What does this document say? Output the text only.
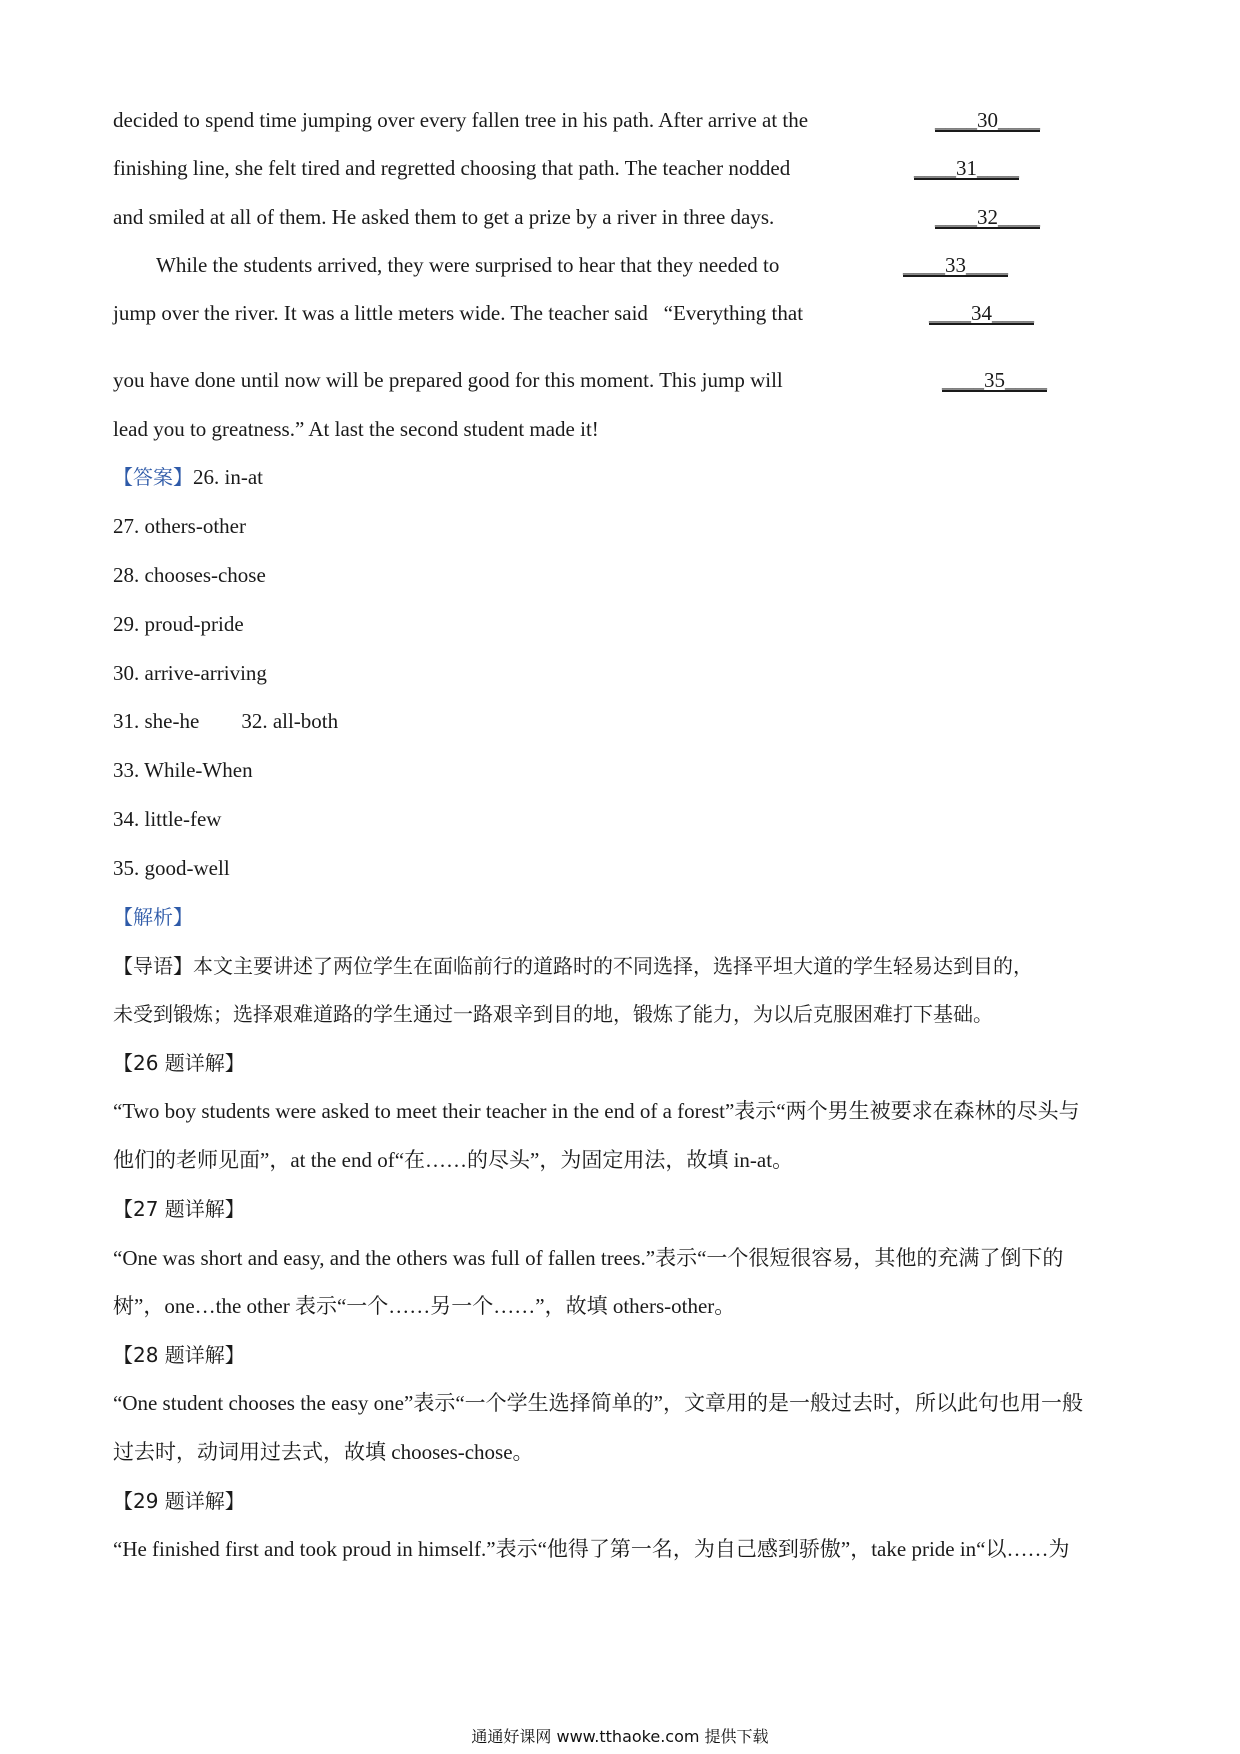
decided to spend time jumping over every fallen tree in his path. After arrive at the	____30____
finishing line, she felt tired and regretted choosing that path. The teacher nodded	____31____
and smiled at all of them. He asked them to get a prize by a river in three days.	____32____
While the students arrived, they were surprised to hear that they needed to	____33____
jump over the river. It was a little meters wide. The teacher said   “Everything that	____34____
you have done until now will be prepared good for this moment. This jump will	____35____
lead you to greatness.” At last the second student made it!
【答案】26. in-at
27. others-other
28. chooses-chose
29. proud-pride
30. arrive-arriving
31. she-he 32. all-both
33. While-When
34. little-few
35. good-well
【解析】
【导语】本文主要讲述了两位学生在面临前行的道路时的不同选择，选择平坦大道的学生轻易达到目的，
未受到锻炼；选择艰难道路的学生通过一路艰辛到目的地，锻炼了能力，为以后克服困难打下基础。
【26 题详解】
“Two boy students were asked to meet their teacher in the end of a forest”表示“两个男生被要求在森林的尽头与
他们的老师见面”，at the end of“在……的尽头”，为固定用法，故填 in-at。
【27 题详解】
“One was short and easy, and the others was full of fallen trees.”表示“一个很短很容易，其他的充满了倒下的
树”，one…the other 表示“一个……另一个……”，故填 others-other。
【28 题详解】
“One student chooses the easy one”表示“一个学生选择简单的”，文章用的是一般过去时，所以此句也用一般
过去时，动词用过去式，故填 chooses-chose。
【29 题详解】
“He finished first and took proud in himself.”表示“他得了第一名，为自己感到骄傲”，take pride in“以……为
通通好课网 www.tthaoke.com 提供下载
